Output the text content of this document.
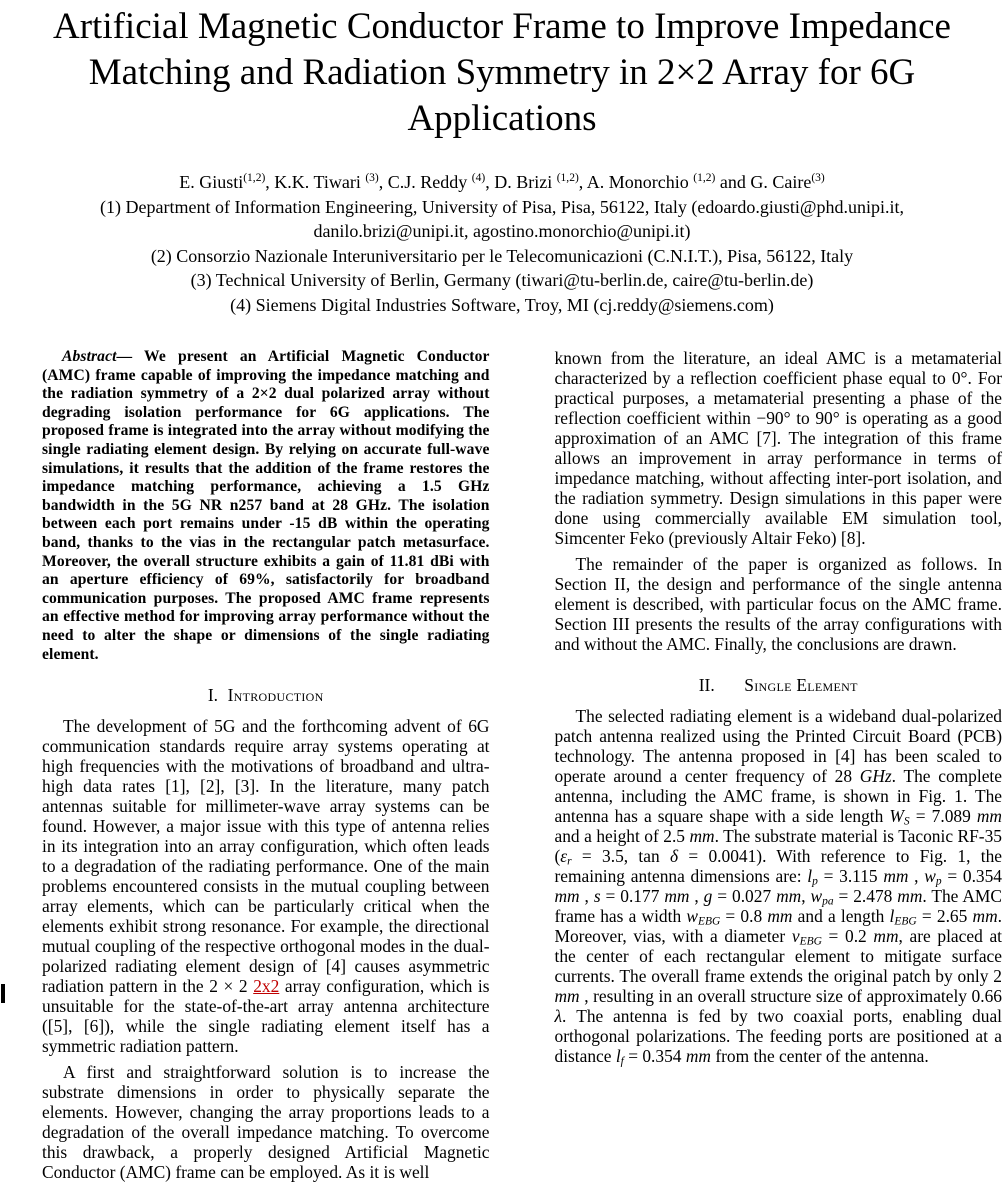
Artificial Magnetic Conductor Frame to Improve Impedance Matching and Radiation Symmetry in 2×2 Array for 6G Applications
E. Giusti$^{(1,2)}$, K.K. Tiwari $^{(3)}$, C.J. Reddy $^{(4)}$, D. Brizi $^{(1,2)}$, A. Monorchio $^{(1,2)}$ and G. Caire$^{(3)}$
(1) Department of Information Engineering, University of Pisa, Pisa, 56122, Italy (edoardo.giusti@phd.unipi.it, danilo.brizi@unipi.it, agostino.monorchio@unipi.it)
(2) Consorzio Nazionale Interuniversitario per le Telecomunicazioni (C.N.I.T.), Pisa, 56122, Italy
(3) Technical University of Berlin, Germany (tiwari@tu-berlin.de, caire@tu-berlin.de)
(4) Siemens Digital Industries Software, Troy, MI (cj.reddy@siemens.com)

Abstract— We present an Artificial Magnetic Conductor (AMC) frame capable of improving the impedance matching and the radiation symmetry of a 2×2 dual polarized array without degrading isolation performance for 6G applications. The proposed frame is integrated into the array without modifying the single radiating element design. By relying on accurate full-wave simulations, it results that the addition of the frame restores the impedance matching performance, achieving a 1.5 GHz bandwidth in the 5G NR n257 band at 28 GHz. The isolation between each port remains under -15 dB within the operating band, thanks to the vias in the rectangular patch metasurface. Moreover, the overall structure exhibits a gain of 11.81 dBi with an aperture efficiency of 69%, satisfactorily for broadband communication purposes. The proposed AMC frame represents an effective method for improving array performance without the need to alter the shape or dimensions of the single radiating element.

I. Introduction

The development of 5G and the forthcoming advent of 6G communication standards require array systems operating at high frequencies with the motivations of broadband and ultra-high data rates [1], [2], [3]. In the literature, many patch antennas suitable for millimeter-wave array systems can be found. However, a major issue with this type of antenna relies in its integration into an array configuration, which often leads to a degradation of the radiating performance. One of the main problems encountered consists in the mutual coupling between array elements, which can be particularly critical when the elements exhibit strong resonance. For example, the directional mutual coupling of the respective orthogonal modes in the dual-polarized radiating element design of [4] causes asymmetric radiation pattern in the 2 × 2 2x2 array configuration, which is unsuitable for the state-of-the-art array antenna architecture ([5], [6]), while the single radiating element itself has a symmetric radiation pattern.

A first and straightforward solution is to increase the substrate dimensions in order to physically separate the elements. However, changing the array proportions leads to a degradation of the overall impedance matching. To overcome this drawback, a properly designed Artificial Magnetic Conductor (AMC) frame can be employed. As it is well

known from the literature, an ideal AMC is a metamaterial characterized by a reflection coefficient phase equal to 0°. For practical purposes, a metamaterial presenting a phase of the reflection coefficient within −90° to 90° is operating as a good approximation of an AMC [7]. The integration of this frame allows an improvement in array performance in terms of impedance matching, without affecting inter-port isolation, and the radiation symmetry. Design simulations in this paper were done using commercially available EM simulation tool, Simcenter Feko (previously Altair Feko) [8].

The remainder of the paper is organized as follows. In Section II, the design and performance of the single antenna element is described, with particular focus on the AMC frame. Section III presents the results of the array configurations with and without the AMC. Finally, the conclusions are drawn.

II. Single Element

The selected radiating element is a wideband dual-polarized patch antenna realized using the Printed Circuit Board (PCB) technology. The antenna proposed in [4] has been scaled to operate around a center frequency of 28 GHz. The complete antenna, including the AMC frame, is shown in Fig. 1. The antenna has a square shape with a side length WS = 7.089 mm and a height of 2.5 mm. The substrate material is Taconic RF-35 (εr = 3.5, tan δ = 0.0041). With reference to Fig. 1, the remaining antenna dimensions are: lp = 3.115 mm , wp = 0.354 mm , s = 0.177 mm , g = 0.027 mm, wpa = 2.478 mm. The AMC frame has a width wEBG = 0.8 mm and a length lEBG = 2.65 mm. Moreover, vias, with a diameter vEBG = 0.2 mm, are placed at the center of each rectangular element to mitigate surface currents. The overall frame extends the original patch by only 2 mm , resulting in an overall structure size of approximately 0.66 λ. The antenna is fed by two coaxial ports, enabling dual orthogonal polarizations. The feeding ports are positioned at a distance lf = 0.354 mm from the center of the antenna.
